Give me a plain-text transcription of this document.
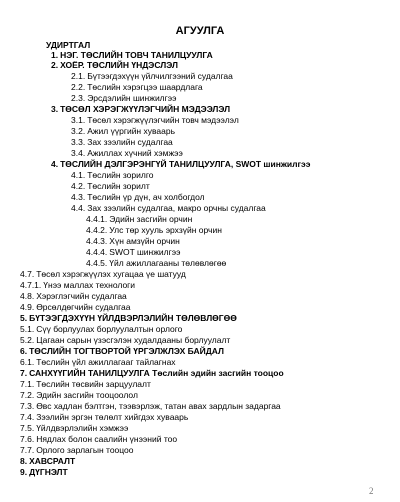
АГУУЛГА
УДИРТГАЛ
1. НЭГ. ТӨСЛИЙН ТОВЧ ТАНИЛЦУУЛГА
2. ХОЁР. ТӨСЛИЙН ҮНДЭСЛЭЛ
2.1. Бүтээгдэхүүн үйлчилгээний судалгаа
2.2. Төслийн хэрэгцээ шаардлага
2.3. Эрсдэлийн шинжилгээ
3. ТӨСӨЛ ХЭРЭГЖҮҮЛЭГЧИЙН МЭДЭЭЛЭЛ
3.1. Төсөл хэрэгжүүлэгчийн товч мэдээлэл
3.2. Ажил үүргийн хуваарь
3.3. Зах зээлийн судалгаа
3.4. Ажиллах хүчний хэмжээ
4. ТӨСЛИЙН ДЭЛГЭРЭНГҮЙ ТАНИЛЦУУЛГА, SWOT шинжилгээ
4.1. Төслийн зорилго
4.2. Төслийн зорилт
4.3. Төслийн үр дүн, ач холбогдол
4.4. Зах зээлийн судалгаа, макро орчны судалгаа
4.4.1. Эдийн засгийн орчин
4.4.2. Улс төр хууль эрхзүйн орчин
4.4.3. Хүн амзүйн орчин
4.4.4. SWOT шинжилгээ
4.4.5. Үйл ажиллагааны төлөвлөгөө
4.7. Төсөл хэрэгжүүлэх хугацаа үе шатууд
4.7.1. Үнээ маллах технологи
4.8. Хэрэглэгчийн судалгаа
4.9. Өрсөлдөгчийн судалгаа
5. БҮТЭЭГДЭХҮҮН ҮЙЛДВЭРЛЭЛИЙН ТӨЛӨВЛӨГӨӨ
5.1. Сүү борлуулах борлуулалтын орлого
5.2. Цагаан сарын үзэсгэлэн худалдааны борлуулалт
6. ТӨСЛИЙН ТОГТВОРТОЙ ҮРГЭЛЖЛЭХ БАЙДАЛ
6.1. Төслийн үйл ажиллагааг тайлагнах
7. САНХҮҮГИЙН ТАНИЛЦУУЛГА Төслийн эдийн засгийн тооцоо
7.1. Төслийн төсвийн зарцуулалт
7.2. Эдийн засгийн тооцоолол
7.3. Өвс хадлан бэлтгэн, тээвэрлэж, татан авах зардлын задаргаа
7.4. Зээлийн эргэн төлөлт хийгдэх хуваарь
7.5. Үйлдвэрлэлийн хэмжээ
7.6. Нядлах болон саалийн үнээний тоо
7.7. Орлого зарлагын тооцоо
8. ХАВСРАЛТ
9. ДҮГНЭЛТ
2
